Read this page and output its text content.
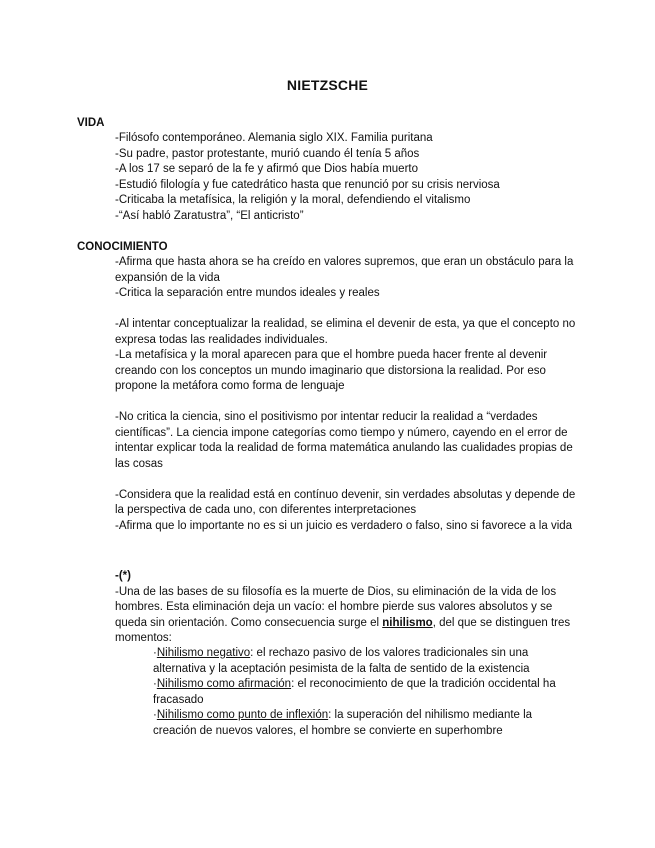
NIETZSCHE
VIDA

-Filósofo contemporáneo. Alemania siglo XIX. Familia puritana

-Su padre, pastor protestante, murió cuando él tenía 5 años

-A los 17 se separó de la fe y afirmó que Dios había muerto

-Estudió filología y fue catedrático hasta que renunció por su crisis nerviosa

-Criticaba la metafísica, la religión y la moral, defendiendo el vitalismo

-“Así habló Zaratustra”, “El anticristo”

CONOCIMIENTO

-Afirma que hasta ahora se ha creído en valores supremos, que eran un obstáculo para la expansión de la vida

-Critica la separación entre mundos ideales y reales

-Al intentar conceptualizar la realidad, se elimina el devenir de esta, ya que el concepto no expresa todas las realidades individuales.

-La metafísica y la moral aparecen para que el hombre pueda hacer frente al devenir creando con los conceptos un mundo imaginario que distorsiona la realidad. Por eso propone la metáfora como forma de lenguaje

-No critica la ciencia, sino el positivismo por intentar reducir la realidad a “verdades científicas”. La ciencia impone categorías como tiempo y número, cayendo en el error de intentar explicar toda la realidad de forma matemática anulando las cualidades propias de las cosas

-Considera que la realidad está en contínuo devenir, sin verdades absolutas y depende de la perspectiva de cada uno, con diferentes interpretaciones

-Afirma que lo importante no es si un juicio es verdadero o falso, sino si favorece a la vida

-(*)

-Una de las bases de su filosofía es la muerte de Dios, su eliminación de la vida de los hombres. Esta eliminación deja un vacío: el hombre pierde sus valores absolutos y se queda sin orientación. Como consecuencia surge el nihilismo, del que se distinguen tres momentos:

·Nihilismo negativo: el rechazo pasivo de los valores tradicionales sin una alternativa y la aceptación pesimista de la falta de sentido de la existencia

·Nihilismo como afirmación: el reconocimiento de que la tradición occidental ha fracasado

·Nihilismo como punto de inflexión: la superación del nihilismo mediante la creación de nuevos valores, el hombre se convierte en superhombre
